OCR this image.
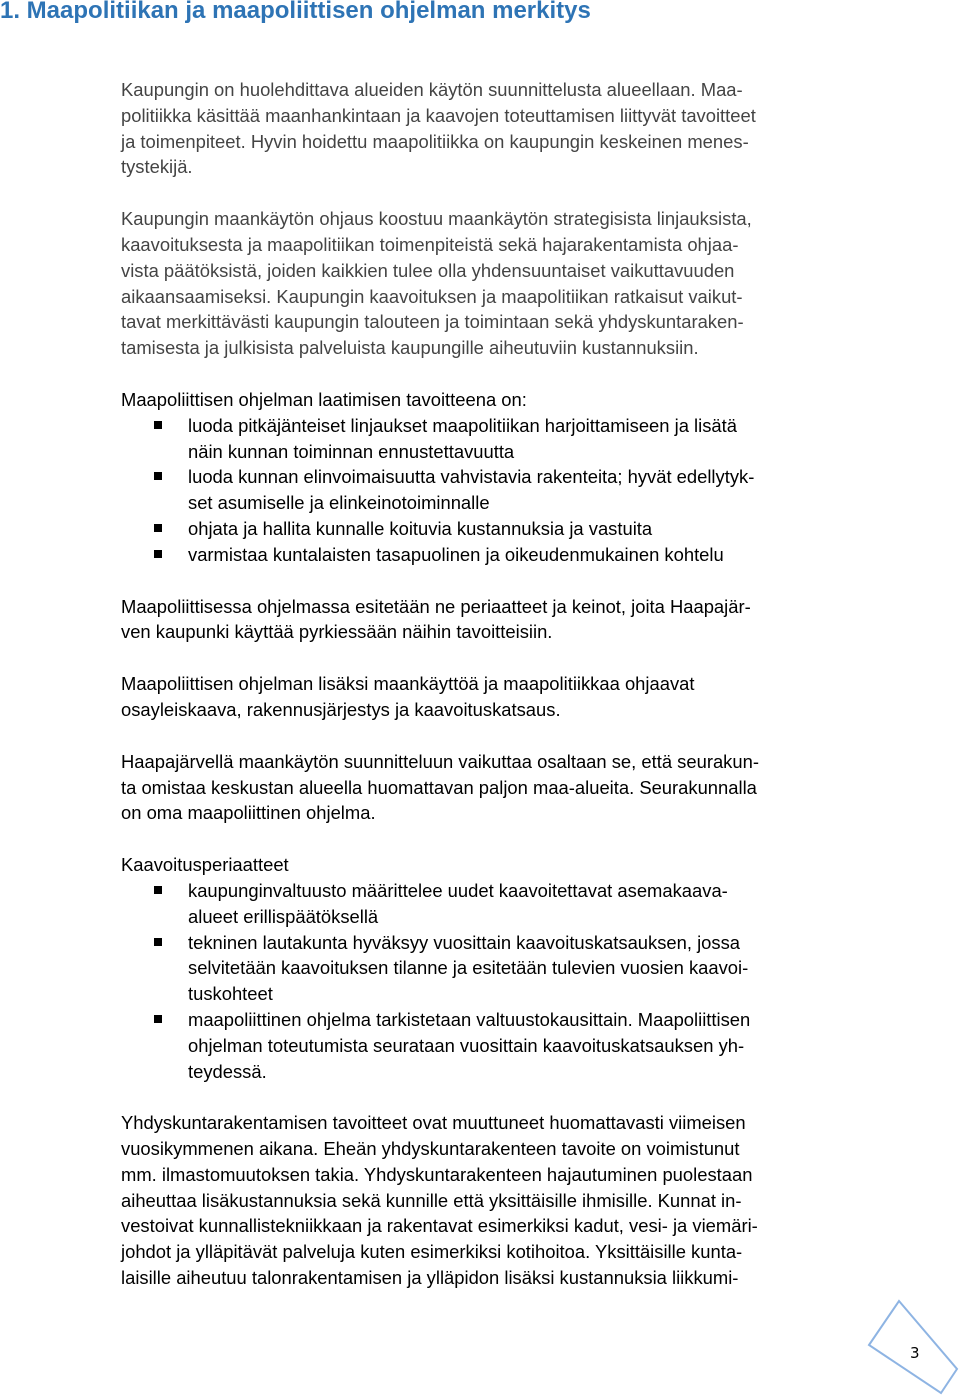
1. Maapolitiikan ja maapoliittisen ohjelman merkitys

Kaupungin on huolehdittava alueiden käytön suunnittelusta alueellaan. Maa-
politiikka käsittää maanhankintaan ja kaavojen toteuttamisen liittyvät tavoitteet
ja toimenpiteet. Hyvin hoidettu maapolitiikka on kaupungin keskeinen menes-
tystekijä.

Kaupungin maankäytön ohjaus koostuu maankäytön strategisista linjauksista,
kaavoituksesta ja maapolitiikan toimenpiteistä sekä hajarakentamista ohjaa-
vista päätöksistä, joiden kaikkien tulee olla yhdensuuntaiset vaikuttavuuden
aikaansaamiseksi. Kaupungin kaavoituksen ja maapolitiikan ratkaisut vaikut-
tavat merkittävästi kaupungin talouteen ja toimintaan sekä yhdyskuntaraken-
tamisesta ja julkisista palveluista kaupungille aiheutuviin kustannuksiin.

Maapoliittisen ohjelman laatimisen tavoitteena on:
luoda pitkäjänteiset linjaukset maapolitiikan harjoittamiseen ja lisätä
näin kunnan toiminnan ennustettavuutta
luoda kunnan elinvoimaisuutta vahvistavia rakenteita; hyvät edellytyk-
set asumiselle ja elinkeinotoiminnalle
ohjata ja hallita kunnalle koituvia kustannuksia ja vastuita
varmistaa kuntalaisten tasapuolinen ja oikeudenmukainen kohtelu

Maapoliittisessa ohjelmassa esitetään ne periaatteet ja keinot, joita Haapajär-
ven kaupunki käyttää pyrkiessään näihin tavoitteisiin.

Maapoliittisen ohjelman lisäksi maankäyttöä ja maapolitiikkaa ohjaavat
osayleiskaava, rakennusjärjestys ja kaavoituskatsaus.

Haapajärvellä maankäytön suunnitteluun vaikuttaa osaltaan se, että seurakun-
ta omistaa keskustan alueella huomattavan paljon maa-alueita. Seurakunnalla
on oma maapoliittinen ohjelma.

Kaavoitusperiaatteet
kaupunginvaltuusto määrittelee uudet kaavoitettavat asemakaava-
alueet erillispäätöksellä
tekninen lautakunta hyväksyy vuosittain kaavoituskatsauksen, jossa
selvitetään kaavoituksen tilanne ja esitetään tulevien vuosien kaavoi-
tuskohteet
maapoliittinen ohjelma tarkistetaan valtuustokausittain. Maapoliittisen
ohjelman toteutumista seurataan vuosittain kaavoituskatsauksen yh-
teydessä.

Yhdyskuntarakentamisen tavoitteet ovat muuttuneet huomattavasti viimeisen
vuosikymmenen aikana. Eheän yhdyskuntarakenteen tavoite on voimistunut
mm. ilmastomuutoksen takia. Yhdyskuntarakenteen hajautuminen puolestaan
aiheuttaa lisäkustannuksia sekä kunnille että yksittäisille ihmisille. Kunnat in-
vestoivat kunnallistekniikkaan ja rakentavat esimerkiksi kadut, vesi- ja viemäri-
johdot ja ylläpitävät palveluja kuten esimerkiksi kotihoitoa. Yksittäisille kunta-
laisille aiheutuu talonrakentamisen ja ylläpidon lisäksi kustannuksia liikkumi-

3
